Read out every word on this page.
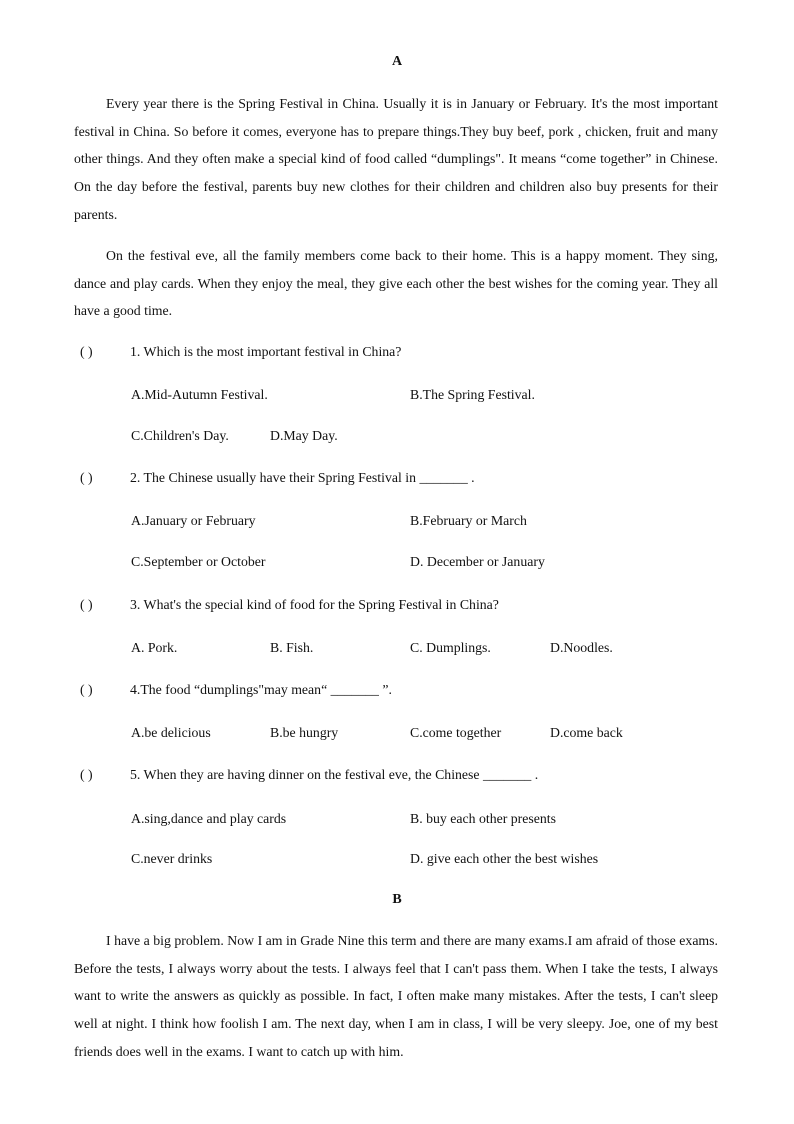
A

Every year there is the Spring Festival in China. Usually it is in January or February. It's the most important festival in China. So before it comes, everyone has to prepare things.They buy beef, pork , chicken, fruit and many other things. And they often make a special kind of food called “dumplings". It means “come together” in Chinese. On the day before the festival, parents buy new clothes for their children and children also buy presents for their parents.

On the festival eve, all the family members come back to their home. This is a happy moment. They sing, dance and play cards. When they enjoy the meal, they give each other the best wishes for the coming year. They all have a good time.

( )	1. Which is the most important festival in China?
A.Mid-Autumn Festival.	B.The Spring Festival.
C.Children's Day.	D.May Day.
( )	2. The Chinese usually have their Spring Festival in _______ .
A.January or February	B.February or March
C.September or October	D. December or January
( )	3. What's the special kind of food for the Spring Festival in China?
A. Pork.	B. Fish.	C. Dumplings.	D.Noodles.
( )	4.The food “dumplings"may mean“ _______ ”.
A.be delicious	B.be hungry	C.come together	D.come back
( )	5. When they are having dinner on the festival eve, the Chinese _______ .
A.sing,dance and play cards	B. buy each other presents
C.never drinks	D. give each other the best wishes
B

I have a big problem. Now I am in Grade Nine this term and there are many exams.I am afraid of those exams. Before the tests, I always worry about the tests. I always feel that I can't pass them. When I take the tests, I always want to write the answers as quickly as possible. In fact, I often make many mistakes. After the tests, I can't sleep well at night. I think how foolish I am. The next day, when I am in class, I will be very sleepy. Joe, one of my best friends does well in the exams. I want to catch up with him.
